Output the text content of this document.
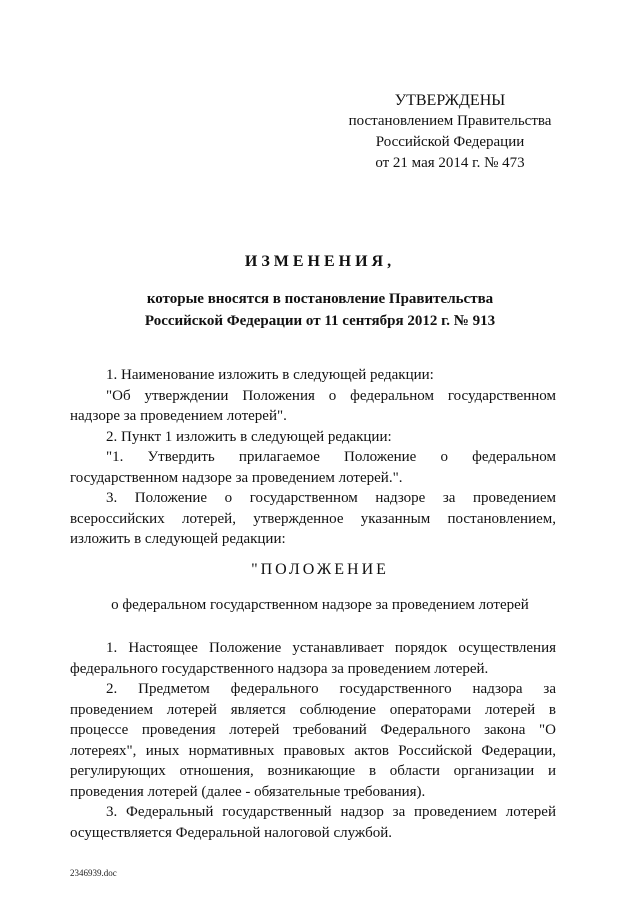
УТВЕРЖДЕНЫ
постановлением Правительства
Российской Федерации
от 21 мая 2014 г. № 473
ИЗМЕНЕНИЯ,
которые вносятся в постановление Правительства
Российской Федерации от 11 сентября 2012 г. № 913

1. Наименование изложить в следующей редакции:

"Об утверждении Положения о федеральном государственном надзоре за проведением лотерей".

2. Пункт 1 изложить в следующей редакции:

"1. Утвердить прилагаемое Положение о федеральном государственном надзоре за проведением лотерей.".

3. Положение о государственном надзоре за проведением всероссийских лотерей, утвержденное указанным постановлением, изложить в следующей редакции:

"ПОЛОЖЕНИЕ
о федеральном государственном надзоре за проведением лотерей

1. Настоящее Положение устанавливает порядок осуществления федерального государственного надзора за проведением лотерей.

2. Предметом федерального государственного надзора за проведением лотерей является соблюдение операторами лотерей в процессе проведения лотерей требований Федерального закона "О лотереях", иных нормативных правовых актов Российской Федерации, регулирующих отношения, возникающие в области организации и проведения лотерей (далее - обязательные требования).

3. Федеральный государственный надзор за проведением лотерей осуществляется Федеральной налоговой службой.

2346939.doc
